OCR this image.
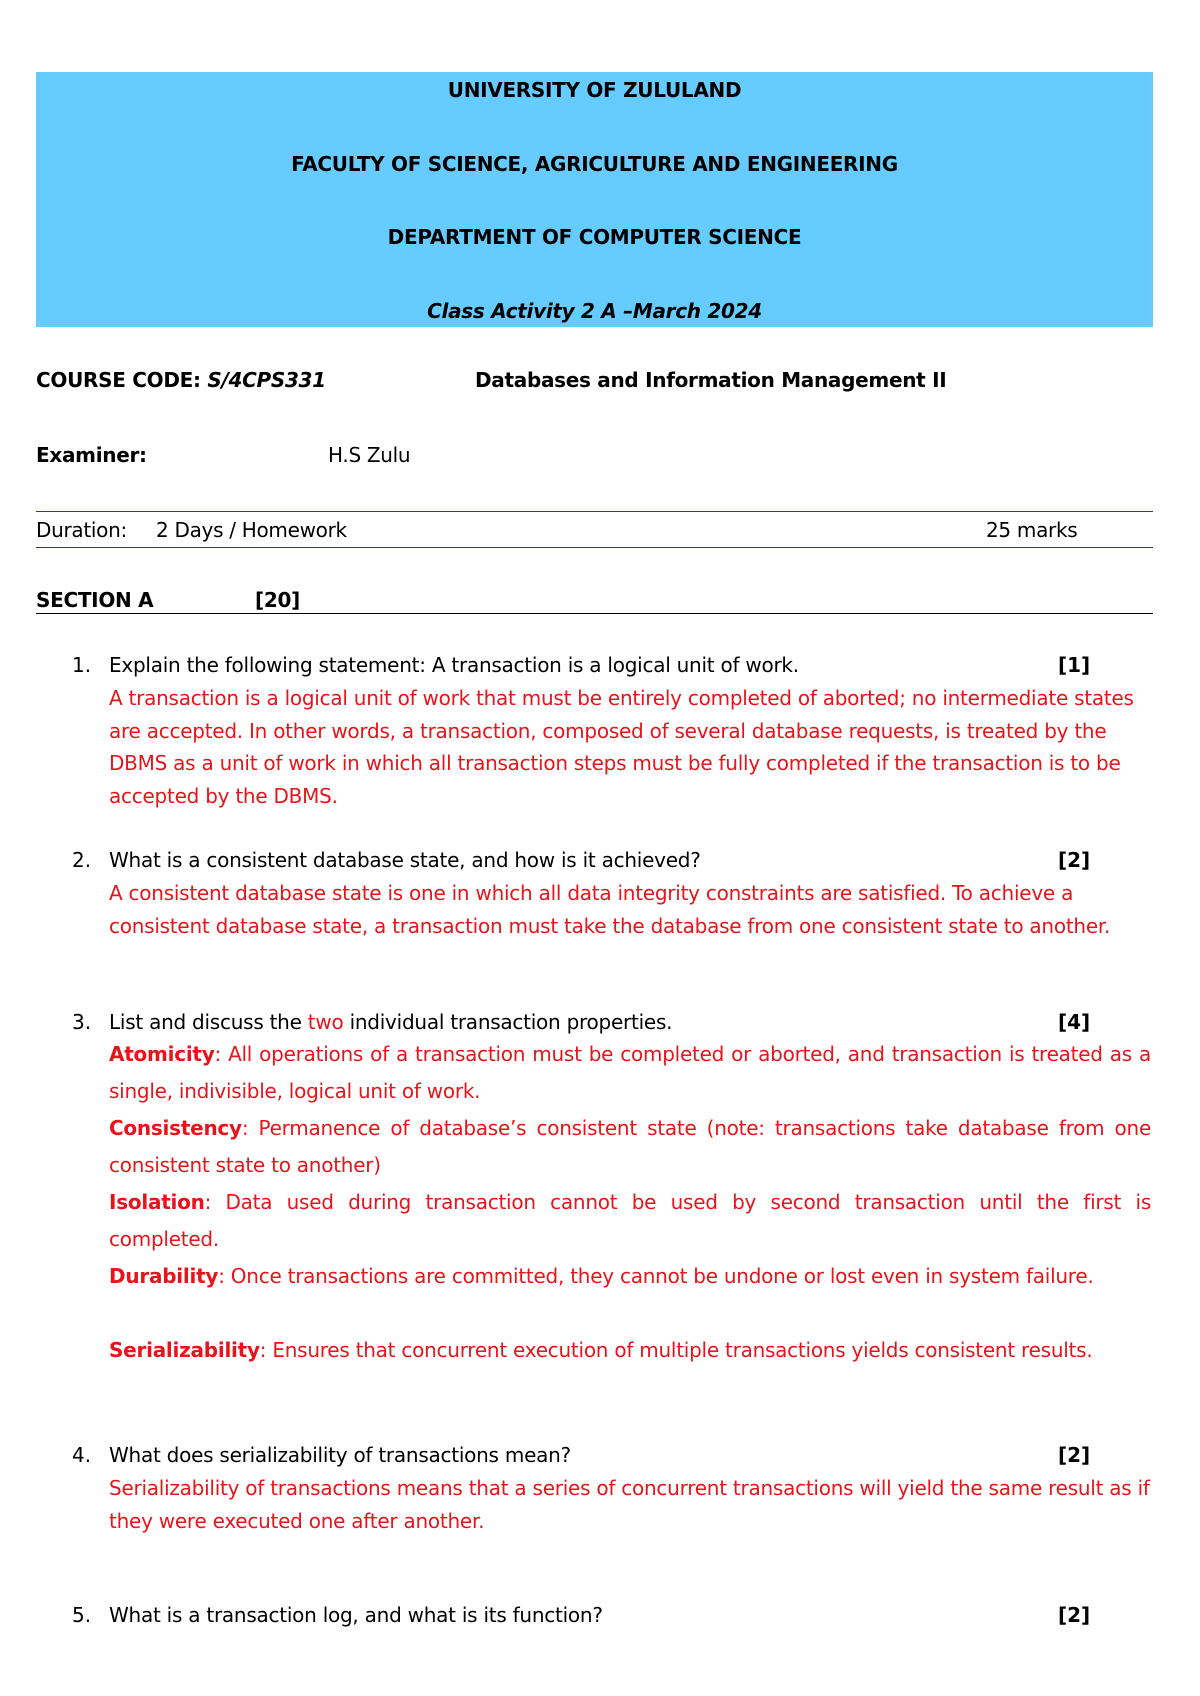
UNIVERSITY OF ZULULAND
FACULTY OF SCIENCE, AGRICULTURE AND ENGINEERING
DEPARTMENT OF COMPUTER SCIENCE
Class Activity 2 A –March 2024
COURSE CODE: S/4CPS331	Databases and Information Management II
Examiner:	H.S Zulu
Duration: 2 Days / Homework	25 marks
SECTION A	[20]
1. Explain the following statement: A transaction is a logical unit of work.	[1]

A transaction is a logical unit of work that must be entirely completed of aborted; no intermediate states are accepted. In other words, a transaction, composed of several database requests, is treated by the DBMS as a unit of work in which all transaction steps must be fully completed if the transaction is to be accepted by the DBMS.

2. What is a consistent database state, and how is it achieved?	[2]

A consistent database state is one in which all data integrity constraints are satisfied. To achieve a consistent database state, a transaction must take the database from one consistent state to another.

3. List and discuss the two individual transaction properties.	[4]

Atomicity: All operations of a transaction must be completed or aborted, and transaction is treated as a single, indivisible, logical unit of work.

Consistency: Permanence of database’s consistent state (note: transactions take database from one consistent state to another)

Isolation: Data used during transaction cannot be used by second transaction until the first is completed.

Durability: Once transactions are committed, they cannot be undone or lost even in system failure.

Serializability: Ensures that concurrent execution of multiple transactions yields consistent results.

4. What does serializability of transactions mean?	[2]

Serializability of transactions means that a series of concurrent transactions will yield the same result as if they were executed one after another.

5. What is a transaction log, and what is its function?	[2]
